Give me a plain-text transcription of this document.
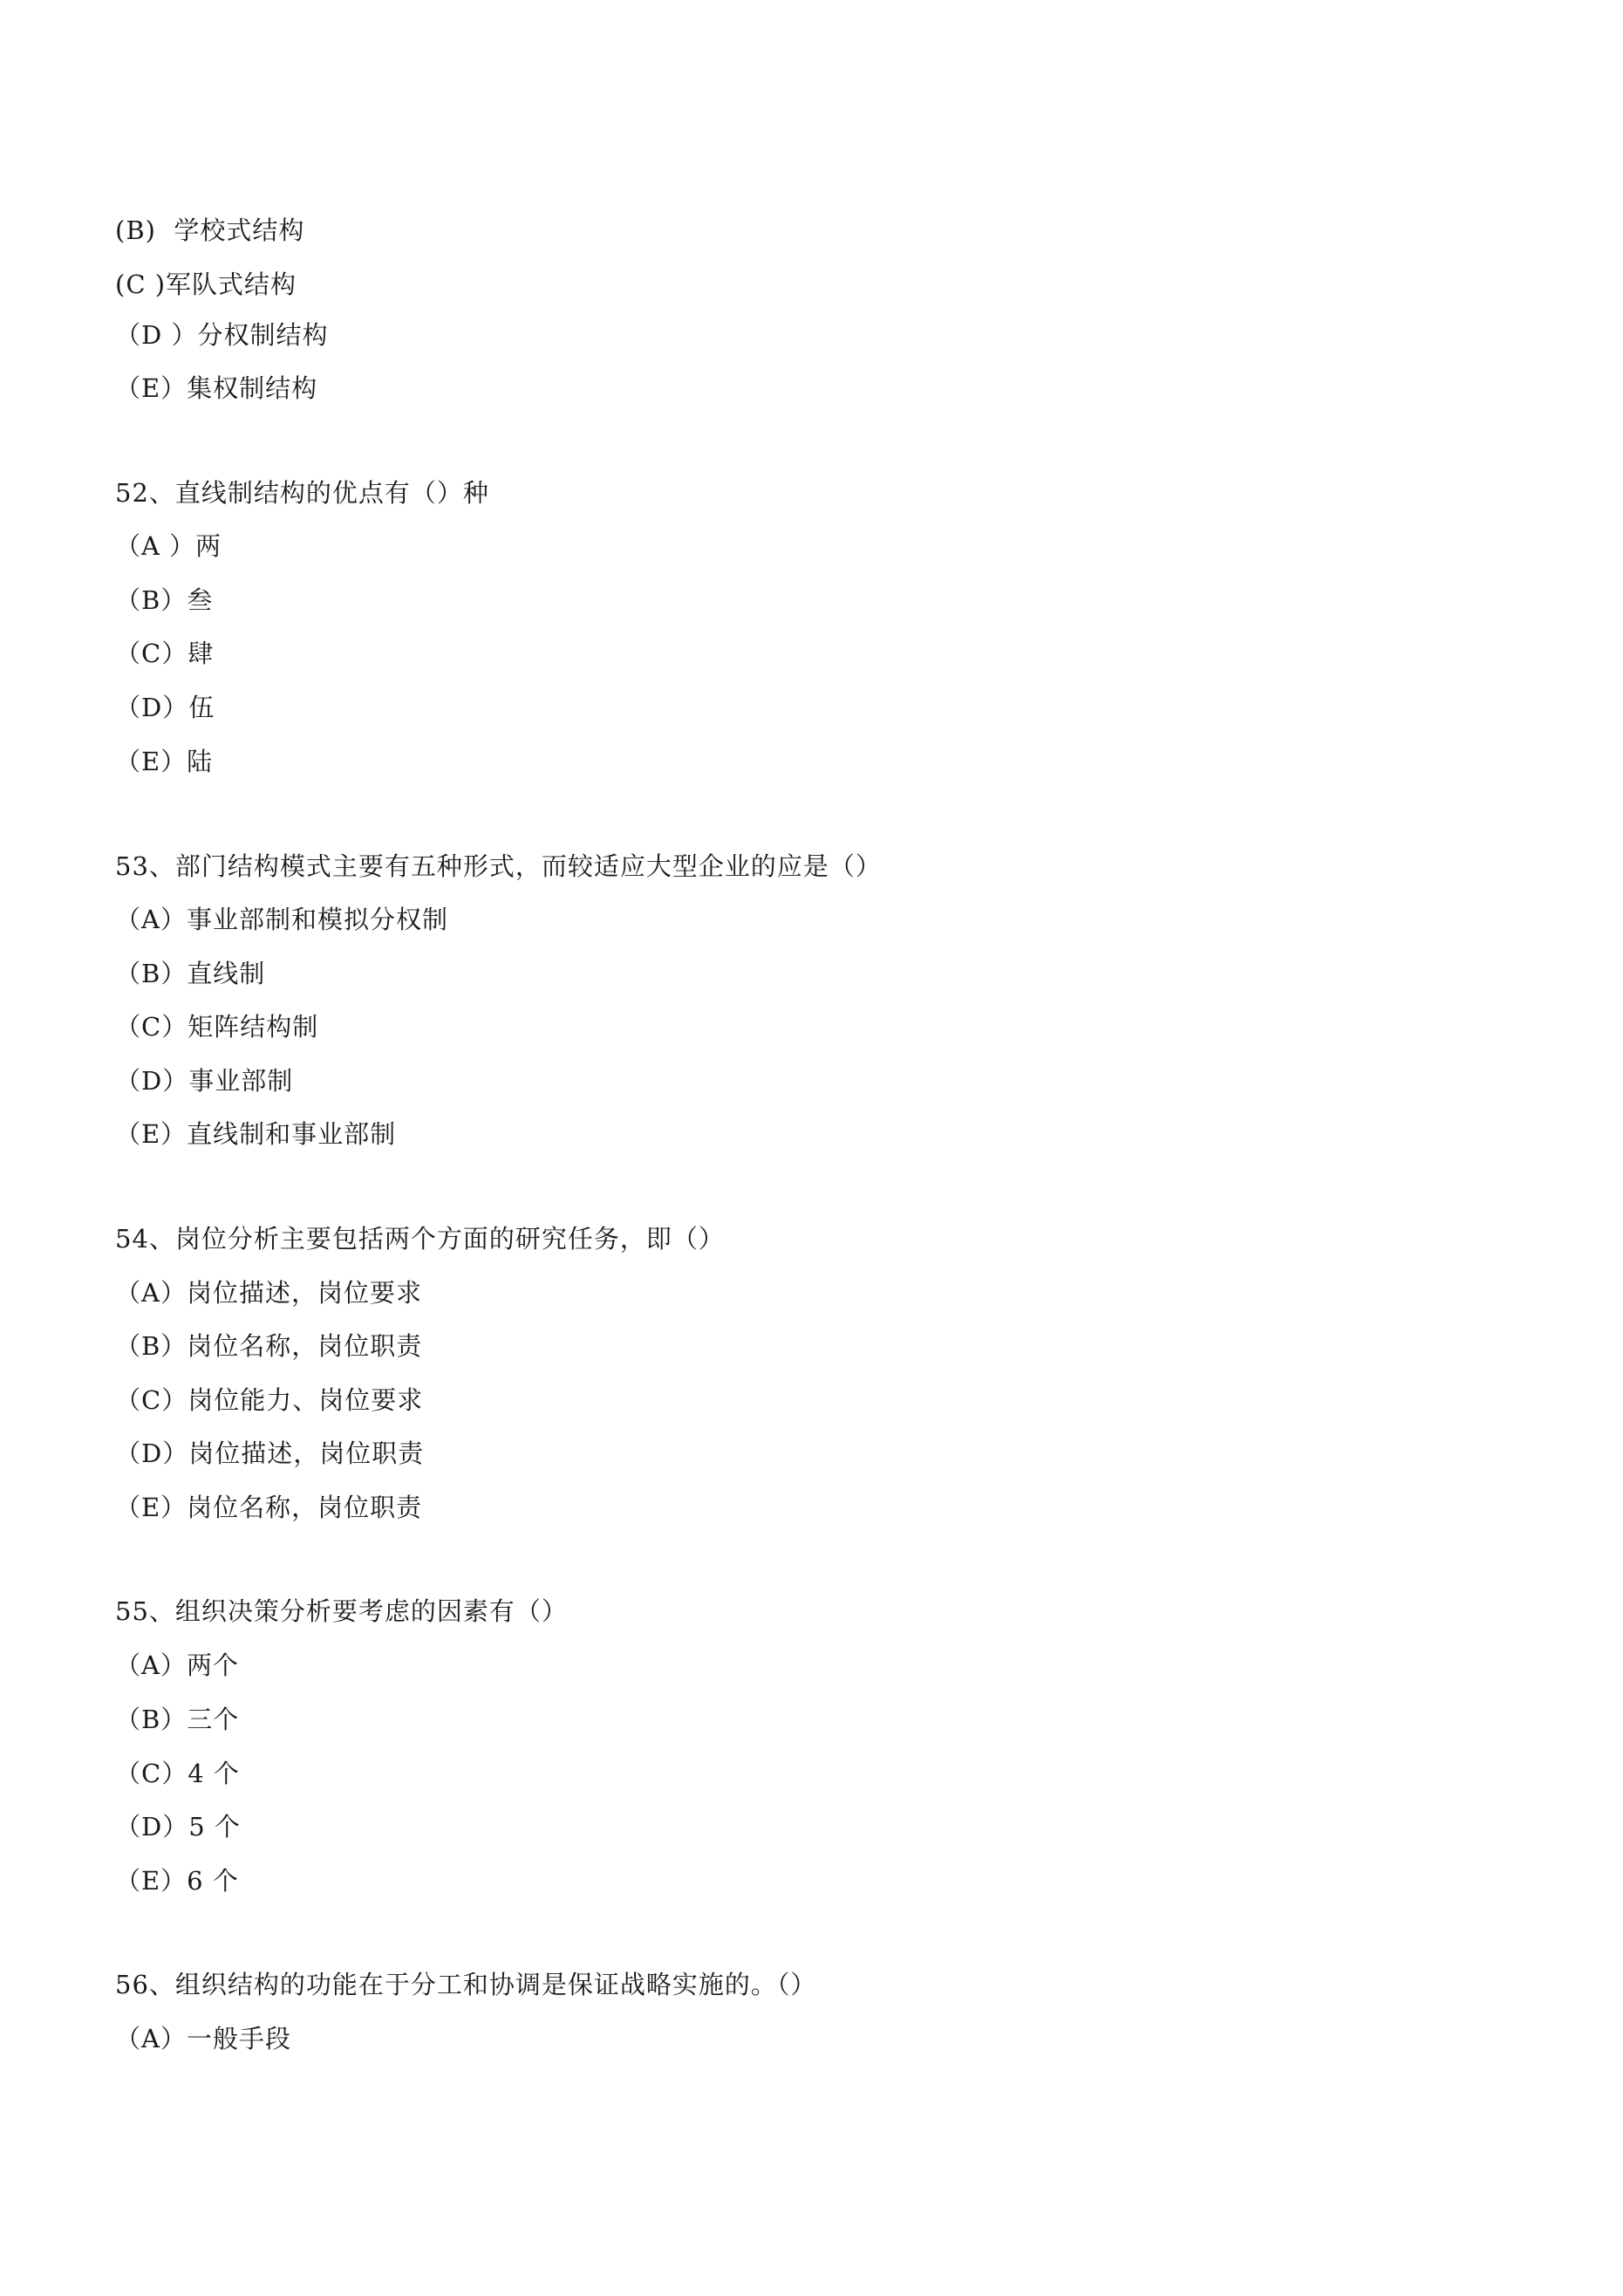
(B)  学校式结构
(C )军队式结构
（D ）分权制结构
（E）集权制结构
52、直线制结构的优点有（）种
（A ）两
（B）叁
（C）肆
（D）伍
（E）陆
53、部门结构模式主要有五种形式，而较适应大型企业的应是（）
（A）事业部制和模拟分权制
（B）直线制
（C）矩阵结构制
（D）事业部制
（E）直线制和事业部制
54、岗位分析主要包括两个方面的研究任务，即（）
（A）岗位描述，岗位要求
（B）岗位名称，岗位职责
（C）岗位能力、岗位要求
（D）岗位描述，岗位职责
（E）岗位名称，岗位职责
55、组织决策分析要考虑的因素有（）
（A）两个
（B）三个
（C）4 个
（D）5 个
（E）6 个
56、组织结构的功能在于分工和协调是保证战略实施的。（）
（A）一般手段
